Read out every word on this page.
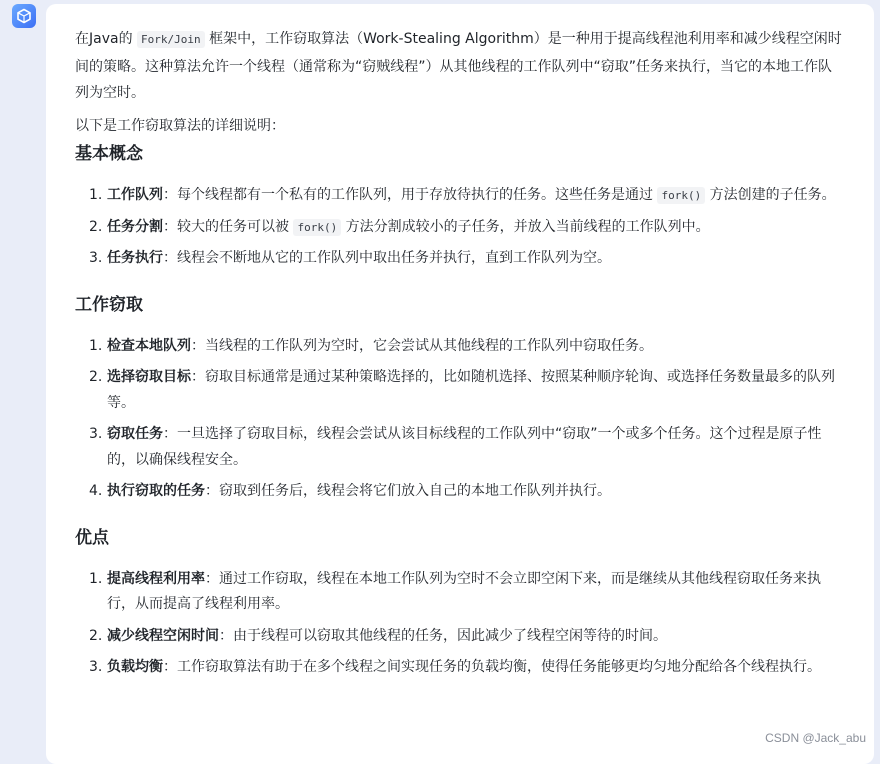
在Java的 Fork/Join 框架中，工作窃取算法（Work-Stealing Algorithm）是一种用于提高线程池利用率和减少线程空闲时间的策略。这种算法允许一个线程（通常称为“窃贼线程”）从其他线程的工作队列中“窃取”任务来执行，当它的本地工作队列为空时。

以下是工作窃取算法的详细说明：

基本概念
1. 工作队列：每个线程都有一个私有的工作队列，用于存放待执行的任务。这些任务是通过 fork() 方法创建的子任务。
2. 任务分割：较大的任务可以被 fork() 方法分割成较小的子任务，并放入当前线程的工作队列中。
3. 任务执行：线程会不断地从它的工作队列中取出任务并执行，直到工作队列为空。
工作窃取
1. 检查本地队列：当线程的工作队列为空时，它会尝试从其他线程的工作队列中窃取任务。
2. 选择窃取目标：窃取目标通常是通过某种策略选择的，比如随机选择、按照某种顺序轮询、或选择任务数量最多的队列等。
3. 窃取任务：一旦选择了窃取目标，线程会尝试从该目标线程的工作队列中“窃取”一个或多个任务。这个过程是原子性的，以确保线程安全。
4. 执行窃取的任务：窃取到任务后，线程会将它们放入自己的本地工作队列并执行。
优点
1. 提高线程利用率：通过工作窃取，线程在本地工作队列为空时不会立即空闲下来，而是继续从其他线程窃取任务来执行，从而提高了线程利用率。
2. 减少线程空闲时间：由于线程可以窃取其他线程的任务，因此减少了线程空闲等待的时间。
3. 负载均衡：工作窃取算法有助于在多个线程之间实现任务的负载均衡，使得任务能够更均匀地分配给各个线程执行。
CSDN @Jack_abu
